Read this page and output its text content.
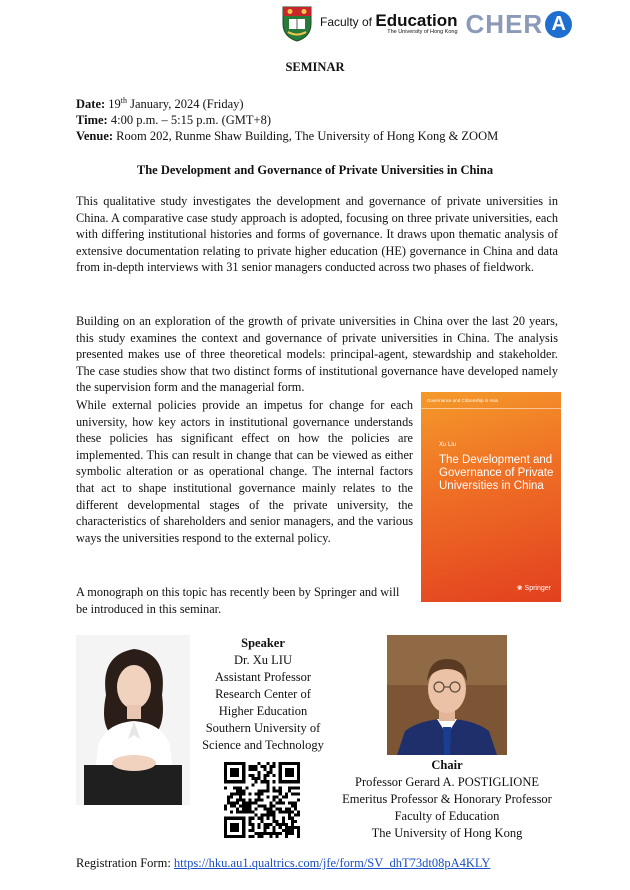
Faculty of Education
The University of Hong Kong CHER A
SEMINAR
Date: 19th January, 2024 (Friday)
Time: 4:00 p.m. – 5:15 p.m. (GMT+8)
Venue: Room 202, Runme Shaw Building, The University of Hong Kong & ZOOM
The Development and Governance of Private Universities in China
This qualitative study investigates the development and governance of private universities in China. A comparative case study approach is adopted, focusing on three private universities, each with differing institutional histories and forms of governance. It draws upon thematic analysis of extensive documentation relating to private higher education (HE) governance in China and data from in-depth interviews with 31 senior managers conducted across two phases of fieldwork.
Building on an exploration of the growth of private universities in China over the last 20 years, this study examines the context and governance of private universities in China. The analysis presented makes use of three theoretical models: principal-agent, stewardship and stakeholder. The case studies show that two distinct forms of institutional governance have developed namely the supervision form and the managerial form.
While external policies provide an impetus for change for each university, how key actors in institutional governance understands these policies has significant effect on how the policies are implemented. This can result in change that can be viewed as either symbolic alteration or as operational change. The internal factors that act to shape institutional governance mainly relates to the different developmental stages of the private university, the characteristics of shareholders and senior managers, and the various ways the universities respond to the external policy.
A monograph on this topic has recently been by Springer and will be introduced in this seminar.
Governance and Citizenship in Asia
Xu Liu
The Development and Governance of Private Universities in China
❀ Springer
Speaker
Dr. Xu LIU
Assistant Professor
Research Center of
Higher Education
Southern University of
Science and Technology
Chair
Professor Gerard A. POSTIGLIONE
Emeritus Professor & Honorary Professor
Faculty of Education
The University of Hong Kong
Registration Form: https://hku.au1.qualtrics.com/jfe/form/SV_dhT73dt08pA4KLY
